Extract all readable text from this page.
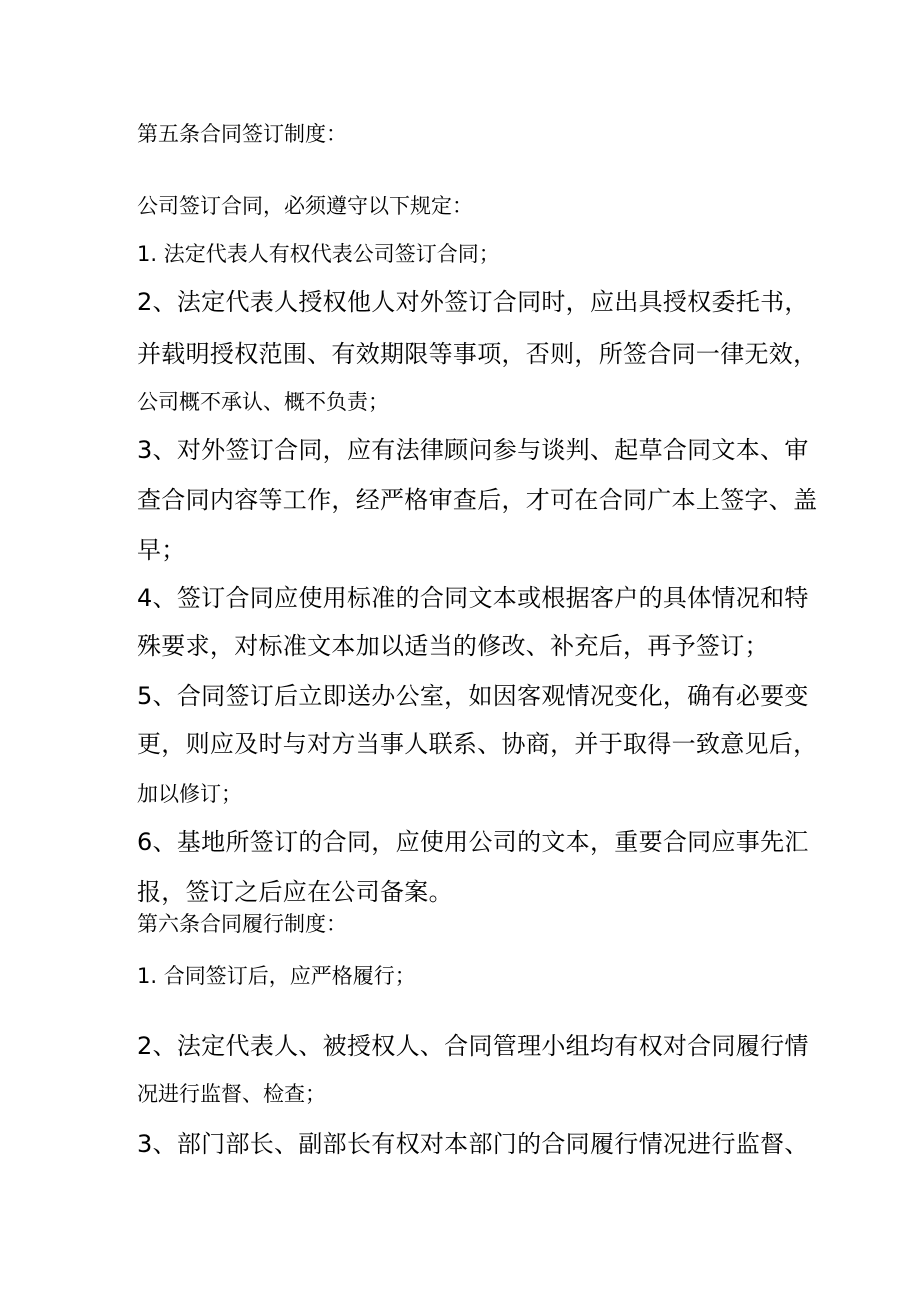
第五条合同签订制度：
公司签订合同，必须遵守以下规定：
1. 法定代表人有权代表公司签订合同；
2、法定代表人授权他人对外签订合同时，应出具授权委托书，
并载明授权范围、有效期限等事项，否则，所签合同一律无效，
公司概不承认、概不负责；
3、对外签订合同，应有法律顾问参与谈判、起草合同文本、审
查合同内容等工作，经严格审查后，才可在合同广本上签字、盖
早；
4、签订合同应使用标准的合同文本或根据客户的具体情况和特
殊要求，对标准文本加以适当的修改、补充后，再予签订；
5、合同签订后立即送办公室，如因客观情况变化，确有必要变
更，则应及时与对方当事人联系、协商，并于取得一致意见后，
加以修订；
6、基地所签订的合同，应使用公司的文本，重要合同应事先汇
报，签订之后应在公司备案。
第六条合同履行制度：
1. 合同签订后，应严格履行；
2、法定代表人、被授权人、合同管理小组均有权对合同履行情
况进行监督、检查；
3、部门部长、副部长有权对本部门的合同履行情况进行监督、
